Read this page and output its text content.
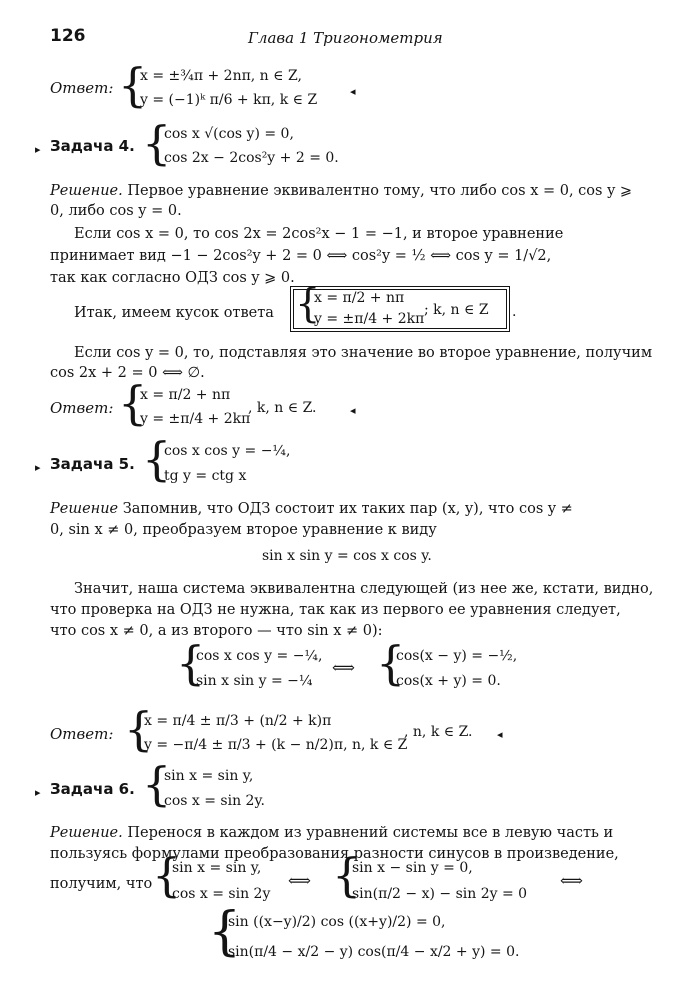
126	Глава 1 Тригонометрия
Ответ: {
x = ±¾π + 2nπ, n ∈ Z,
y = (−1)ᵏ π/6 + kπ, k ∈ Z
◂
▸ Задача 4. {
cos x √(cos y) = 0,
cos 2x − 2cos²y + 2 = 0.
Решение. Первое уравнение эквивалентно тому, что либо cos x = 0, cos y ⩾
0, либо cos y = 0.
Если cos x = 0, то cos 2x = 2cos²x − 1 = −1, и второе уравнение
принимает вид −1 − 2cos²y + 2 = 0 ⟺ cos²y = ½ ⟺ cos y = 1/√2,
так как согласно ОДЗ cos y ⩾ 0.
Итак, имеем кусок ответа {
x = π/2 + nπ
y = ±π/4 + 2kπ
; k, n ∈ Z .
Если cos y = 0, то, подставляя это значение во второе уравнение, получим
cos 2x + 2 = 0 ⟺ ∅.
Ответ: {
x = π/2 + nπ
y = ±π/4 + 2kπ
, k, n ∈ Z.	◂
▸ Задача 5. {
cos x cos y = −¼,
tg y = ctg x
Решение Запомнив, что ОДЗ состоит их таких пар (x, y), что cos y ≠
0, sin x ≠ 0, преобразуем второе уравнение к виду
sin x sin y = cos x cos y.
Значит, наша система эквивалентна следующей (из нее же, кстати, видно,
что проверка на ОДЗ не нужна, так как из первого ее уравнения следует,
что cos x ≠ 0, а из второго — что sin x ≠ 0):
{
cos x cos y = −¼,
sin x sin y = −¼
⟺ {
cos(x − y) = −½,
cos(x + y) = 0.
Ответ: {
x = π/4 ± π/3 + (n/2 + k)π
y = −π/4 ± π/3 + (k − n/2)π, n, k ∈ Z
, n, k ∈ Z. ◂
▸ Задача 6. {
sin x = sin y,
cos x = sin 2y.
Решение. Перенося в каждом из уравнений системы все в левую часть и
пользуясь формулами преобразования разности синусов в произведение,
получим, что {
sin x = sin y,
cos x = sin 2y
⟺ {
sin x − sin y = 0,
sin(π/2 − x) − sin 2y = 0
⟺
{
sin ((x−y)/2) cos ((x+y)/2) = 0,
sin(π/4 − x/2 − y) cos(π/4 − x/2 + y) = 0.
